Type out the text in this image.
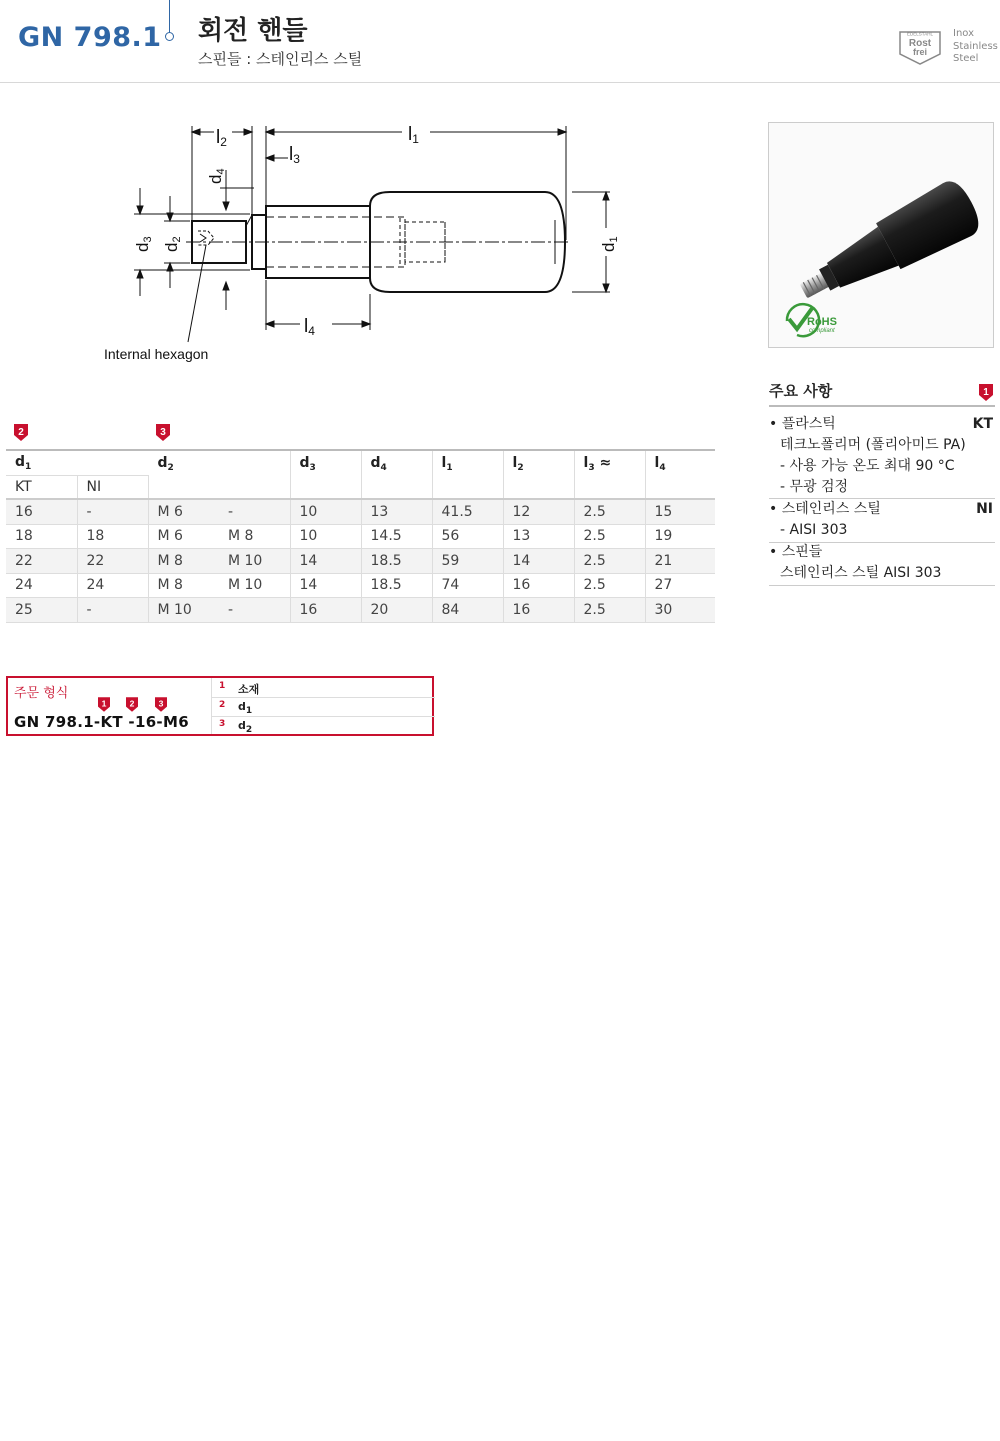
GN 798.1 회전 핸들
스핀들 : 스테인리스 스틸
EDELSTAHL
Rost
frei
Inox
Stainless
Steel
l2	l1
l3
l4
d4
d3
d2
d1
Internal hexagon
RoHS
compliant
주요 사항	1
• 플라스틱	KT
테크노폴리머 (폴리아미드 PA)
- 사용 가능 온도 최대 90 °C
- 무광 검정
• 스테인리스 스틸	NI
- AISI 303
• 스핀들
스테인리스 스틸 AISI 303
2	3
$d_1$		$d_2$		$d_3$	$d_4$	$l_1$	$l_2$	$l_3$ ≈	$l_4$
KT	NI								
16	-	M 6	-	10	13	41.5	12	2.5	15
18	18	M 6	M 8	10	14.5	56	13	2.5	19
22	22	M 8	M 10	14	18.5	59	14	2.5	21
24	24	M 8	M 10	14	18.5	74	16	2.5	27
25	-	M 10	-	16	20	84	16	2.5	30
주문 형식
1 2 3
GN 798.1-KT -16-M6
1 소재
2 $d_1$
3 $d_2$
